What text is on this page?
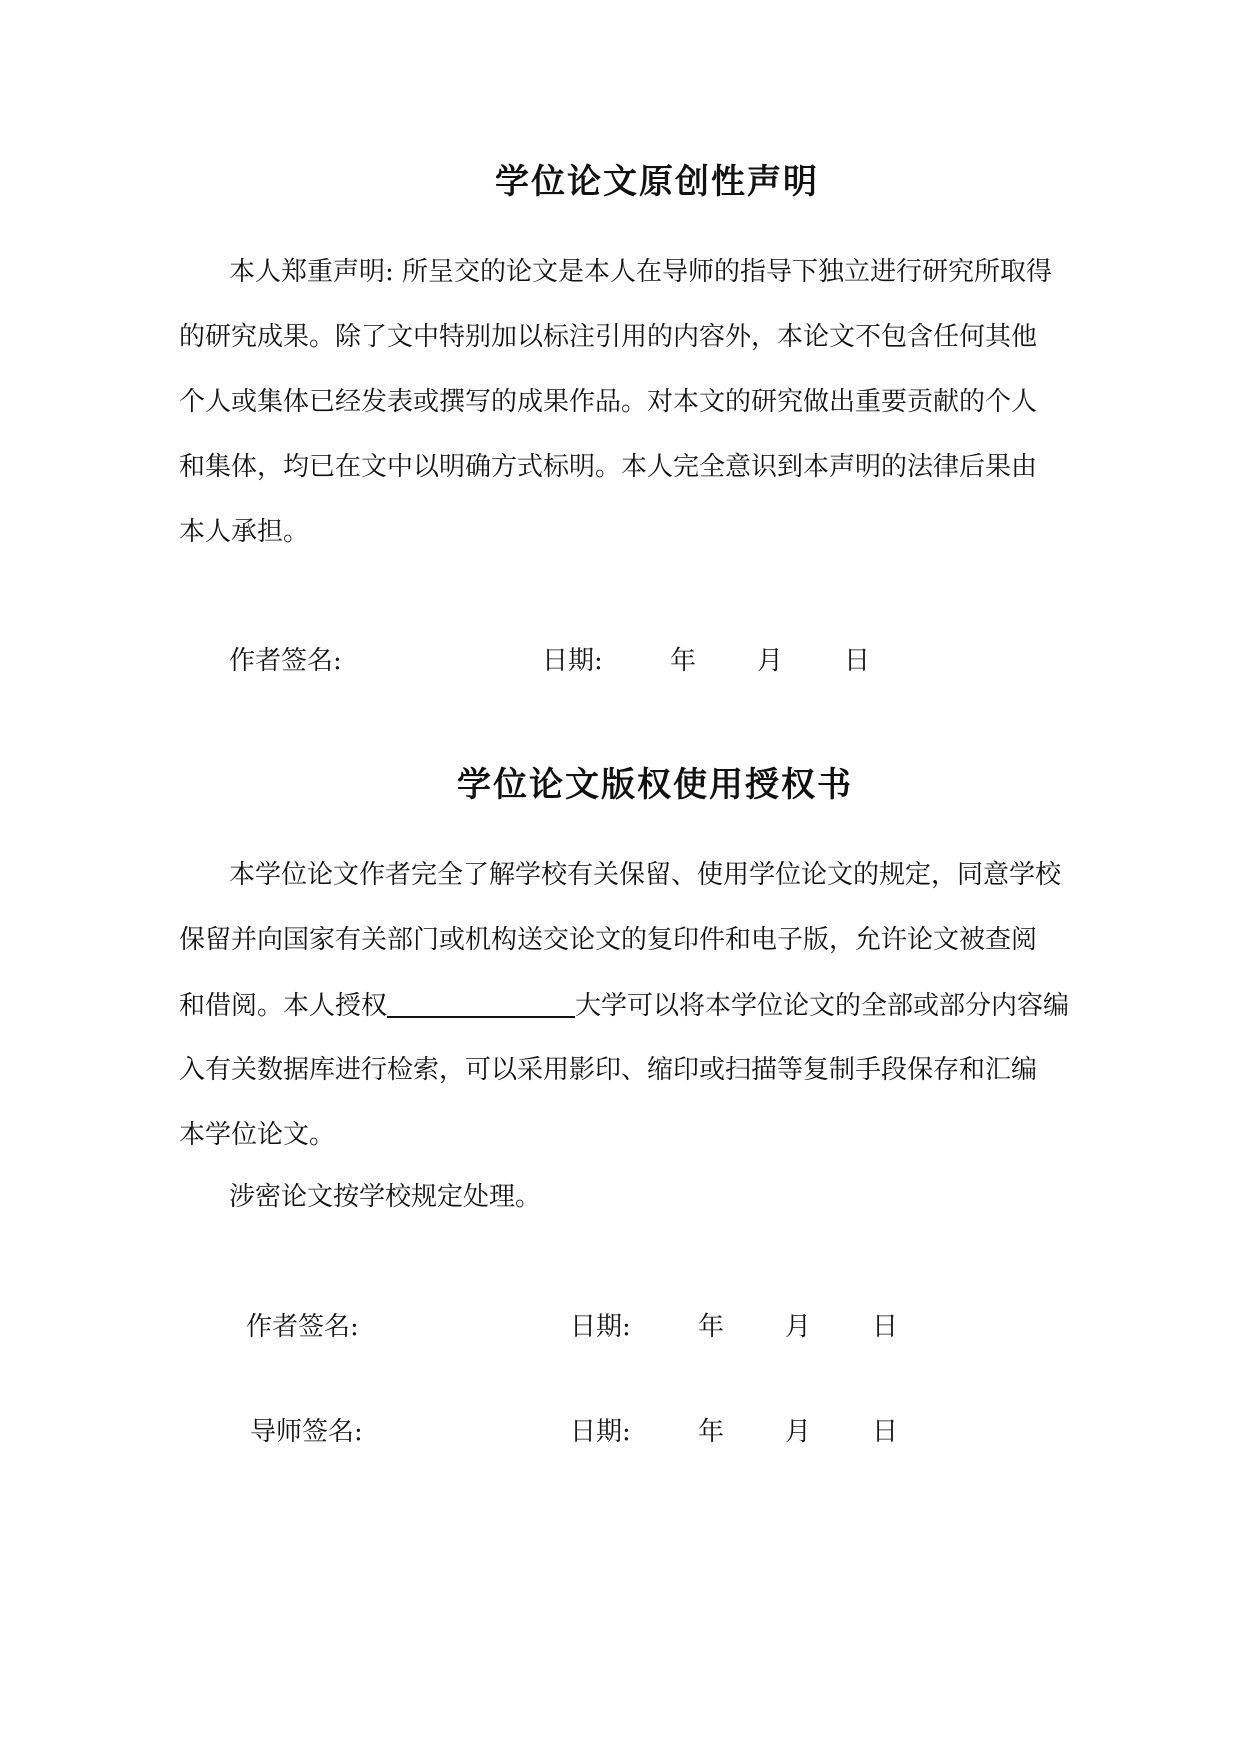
学位论文原创性声明
本人郑重声明: 所呈交的论文是本人在导师的指导下独立进行研究所取得
的研究成果。除了文中特别加以标注引用的内容外，本论文不包含任何其他
个人或集体已经发表或撰写的成果作品。对本文的研究做出重要贡献的个人
和集体，均已在文中以明确方式标明。本人完全意识到本声明的法律后果由
本人承担。
作者签名:	日期:	年 月 日
学位论文版权使用授权书
本学位论文作者完全了解学校有关保留、使用学位论文的规定，同意学校
保留并向国家有关部门或机构送交论文的复印件和电子版，允许论文被查阅
和借阅。本人授权	大学可以将本学位论文的全部或部分内容编
入有关数据库进行检索，可以采用影印、缩印或扫描等复制手段保存和汇编
本学位论文。
涉密论文按学校规定处理。
作者签名:	日期:	年 月 日
导师签名:	日期:	年 月 日
